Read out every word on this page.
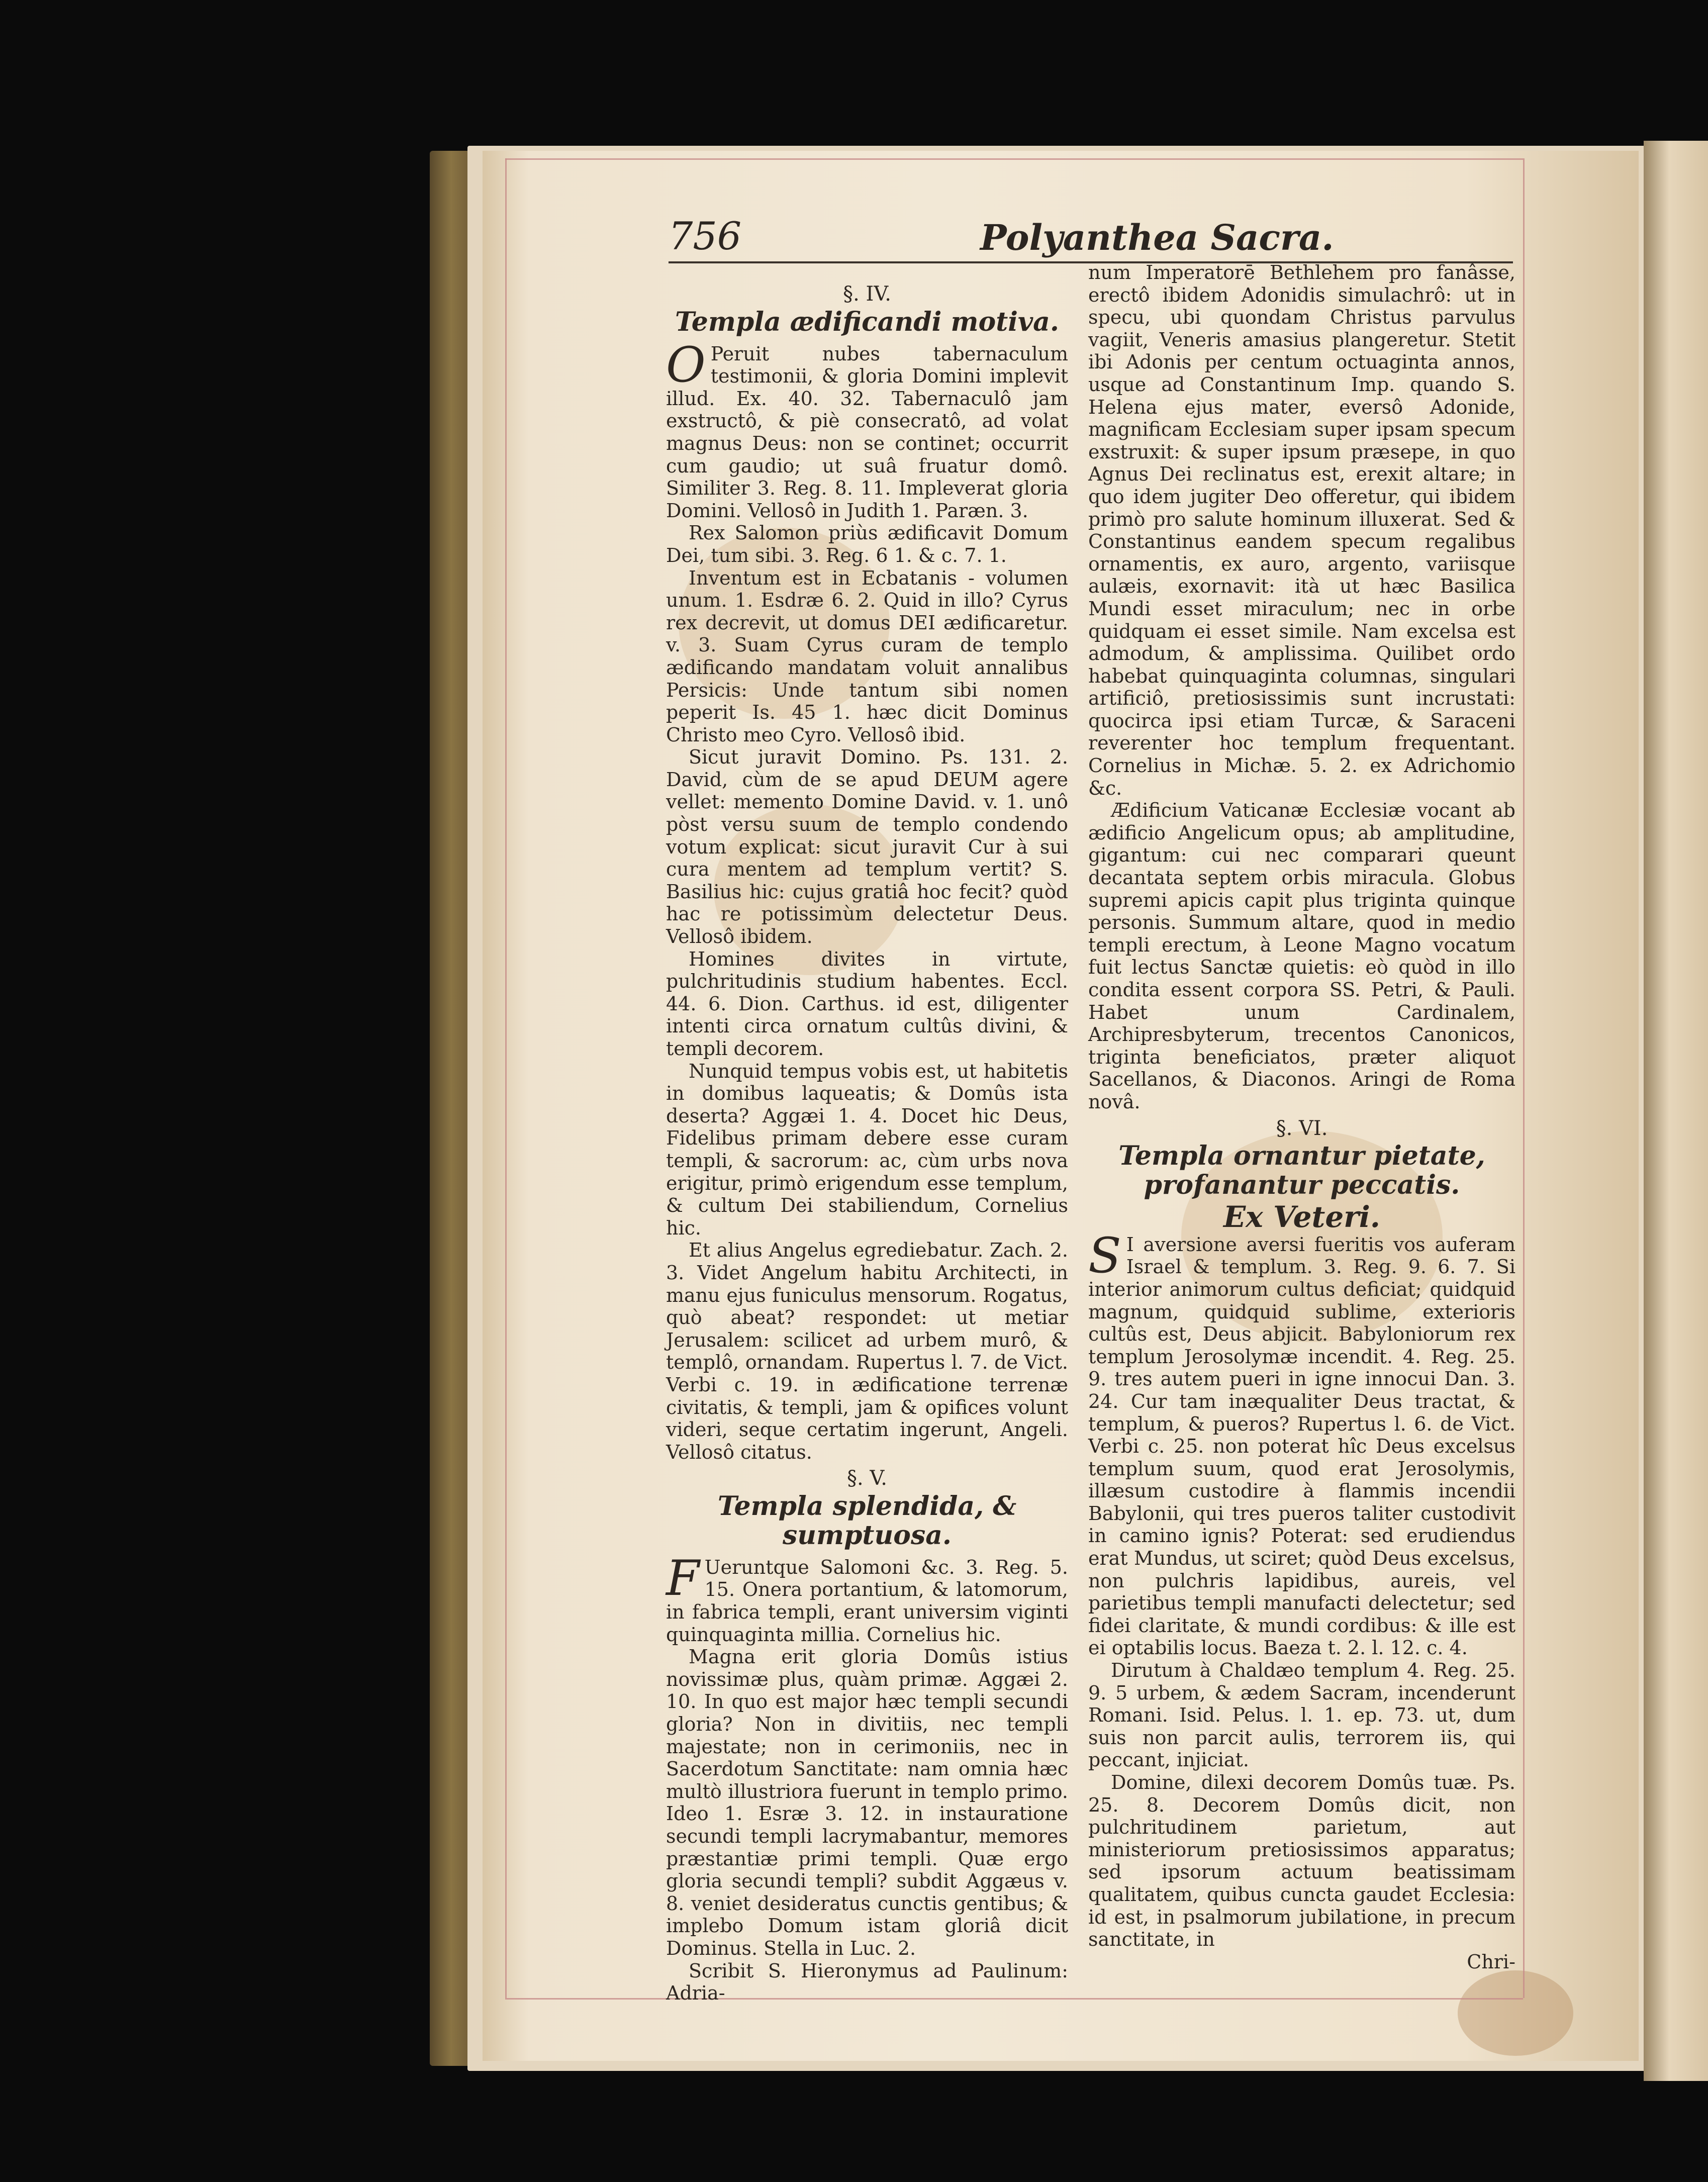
756	Polyanthea Sacra.
§. IV.
Templa ædificandi motiva.

O Peruit nubes tabernaculum testimonii, & gloria Domini implevit illud. Ex. 40. 32. Tabernaculô jam exstructô, & piè consecratô, ad volat magnus Deus: non se continet; occurrit cum gaudio; ut suâ fruatur domô. Similiter 3. Reg. 8. 11. Impleverat gloria Domini. Vellosô in Judith 1. Paræn. 3.

Rex Salomon priùs ædificavit Domum Dei, tum sibi. 3. Reg. 6 1. & c. 7. 1.

Inventum est in Ecbatanis - volumen unum. 1. Esdræ 6. 2. Quid in illo? Cyrus rex decrevit, ut domus DEI ædificaretur. v. 3. Suam Cyrus curam de templo ædificando mandatam voluit annalibus Persicis: Unde tantum sibi nomen peperit Is. 45 1. hæc dicit Dominus Christo meo Cyro. Vellosô ibid.

Sicut juravit Domino. Ps. 131. 2. David, cùm de se apud DEUM agere vellet: memento Domine David. v. 1. unô pòst versu suum de templo condendo votum explicat: sicut juravit Cur à sui cura mentem ad templum vertit? S. Basilius hic: cujus gratiâ hoc fecit? quòd hac re potissimùm delectetur Deus. Vellosô ibidem.

Homines divites in virtute, pulchritudinis studium habentes. Eccl. 44. 6. Dion. Carthus. id est, diligenter intenti circa ornatum cultûs divini, & templi decorem.

Nunquid tempus vobis est, ut habitetis in domibus laqueatis; & Domûs ista deserta? Aggæi 1. 4. Docet hic Deus, Fidelibus primam debere esse curam templi, & sacrorum: ac, cùm urbs nova erigitur, primò erigendum esse templum, & cultum Dei stabiliendum, Cornelius hic.

Et alius Angelus egrediebatur. Zach. 2. 3. Videt Angelum habitu Architecti, in manu ejus funiculus mensorum. Rogatus, quò abeat? respondet: ut metiar Jerusalem: scilicet ad urbem murô, & templô, ornandam. Rupertus l. 7. de Vict. Verbi c. 19. in ædificatione terrenæ civitatis, & templi, jam & opifices volunt videri, seque certatim ingerunt, Angeli. Vellosô citatus.

§. V.
Templa splendida, & sumptuosa.

F Ueruntque Salomoni &c. 3. Reg. 5. 15. Onera portantium, & latomorum, in fabrica templi, erant universim viginti quinquaginta millia. Cornelius hic.

Magna erit gloria Domûs istius novissimæ plus, quàm primæ. Aggæi 2. 10. In quo est major hæc templi secundi gloria? Non in divitiis, nec templi majestate; non in cerimoniis, nec in Sacerdotum Sanctitate: nam omnia hæc multò illustriora fuerunt in templo primo. Ideo 1. Esræ 3. 12. in instauratione secundi templi lacrymabantur, memores præstantiæ primi templi. Quæ ergo gloria secundi templi? subdit Aggæus v. 8. veniet desideratus cunctis gentibus; & implebo Domum istam gloriâ dicit Dominus. Stella in Luc. 2.

Scribit S. Hieronymus ad Paulinum: Adria-

num Imperatorē Bethlehem pro fanâsse, erectô ibidem Adonidis simulachrô: ut in specu, ubi quondam Christus parvulus vagiit, Veneris amasius plangeretur. Stetit ibi Adonis per centum octuaginta annos, usque ad Constantinum Imp. quando S. Helena ejus mater, eversô Adonide, magnificam Ecclesiam super ipsam specum exstruxit: & super ipsum præsepe, in quo Agnus Dei reclinatus est, erexit altare; in quo idem jugiter Deo offeretur, qui ibidem primò pro salute hominum illuxerat. Sed & Constantinus eandem specum regalibus ornamentis, ex auro, argento, variisque aulæis, exornavit: ità ut hæc Basilica Mundi esset miraculum; nec in orbe quidquam ei esset simile. Nam excelsa est admodum, & amplissima. Quilibet ordo habebat quinquaginta columnas, singulari artificiô, pretiosissimis sunt incrustati: quocirca ipsi etiam Turcæ, & Saraceni reverenter hoc templum frequentant. Cornelius in Michæ. 5. 2. ex Adrichomio &c.

Ædificium Vaticanæ Ecclesiæ vocant ab ædificio Angelicum opus; ab amplitudine, gigantum: cui nec comparari queunt decantata septem orbis miracula. Globus supremi apicis capit plus triginta quinque personis. Summum altare, quod in medio templi erectum, à Leone Magno vocatum fuit lectus Sanctæ quietis: eò quòd in illo condita essent corpora SS. Petri, & Pauli. Habet unum Cardinalem, Archipresbyterum, trecentos Canonicos, triginta beneficiatos, præter aliquot Sacellanos, & Diaconos. Aringi de Roma novâ.

§. VI.
Templa ornantur pietate, profanantur peccatis.
Ex Veteri.

S I aversione aversi fueritis vos auferam Israel & templum. 3. Reg. 9. 6. 7. Si interior animorum cultus deficiat; quidquid magnum, quidquid sublime, exterioris cultûs est, Deus abjicit. Babyloniorum rex templum Jerosolymæ incendit. 4. Reg. 25. 9. tres autem pueri in igne innocui Dan. 3. 24. Cur tam inæqualiter Deus tractat, & templum, & pueros? Rupertus l. 6. de Vict. Verbi c. 25. non poterat hîc Deus excelsus templum suum, quod erat Jerosolymis, illæsum custodire à flammis incendii Babylonii, qui tres pueros taliter custodivit in camino ignis? Poterat: sed erudiendus erat Mundus, ut sciret; quòd Deus excelsus, non pulchris lapidibus, aureis, vel parietibus templi manufacti delectetur; sed fidei claritate, & mundi cordibus: & ille est ei optabilis locus. Baeza t. 2. l. 12. c. 4.

Dirutum à Chaldæo templum 4. Reg. 25. 9. 5 urbem, & ædem Sacram, incenderunt Romani. Isid. Pelus. l. 1. ep. 73. ut, dum suis non parcit aulis, terrorem iis, qui peccant, injiciat.

Domine, dilexi decorem Domûs tuæ. Ps. 25. 8. Decorem Domûs dicit, non pulchritudinem parietum, aut ministeriorum pretiosissimos apparatus; sed ipsorum actuum beatissimam qualitatem, quibus cuncta gaudet Ecclesia: id est, in psalmorum jubilatione, in precum sanctitate, in

Chri-
